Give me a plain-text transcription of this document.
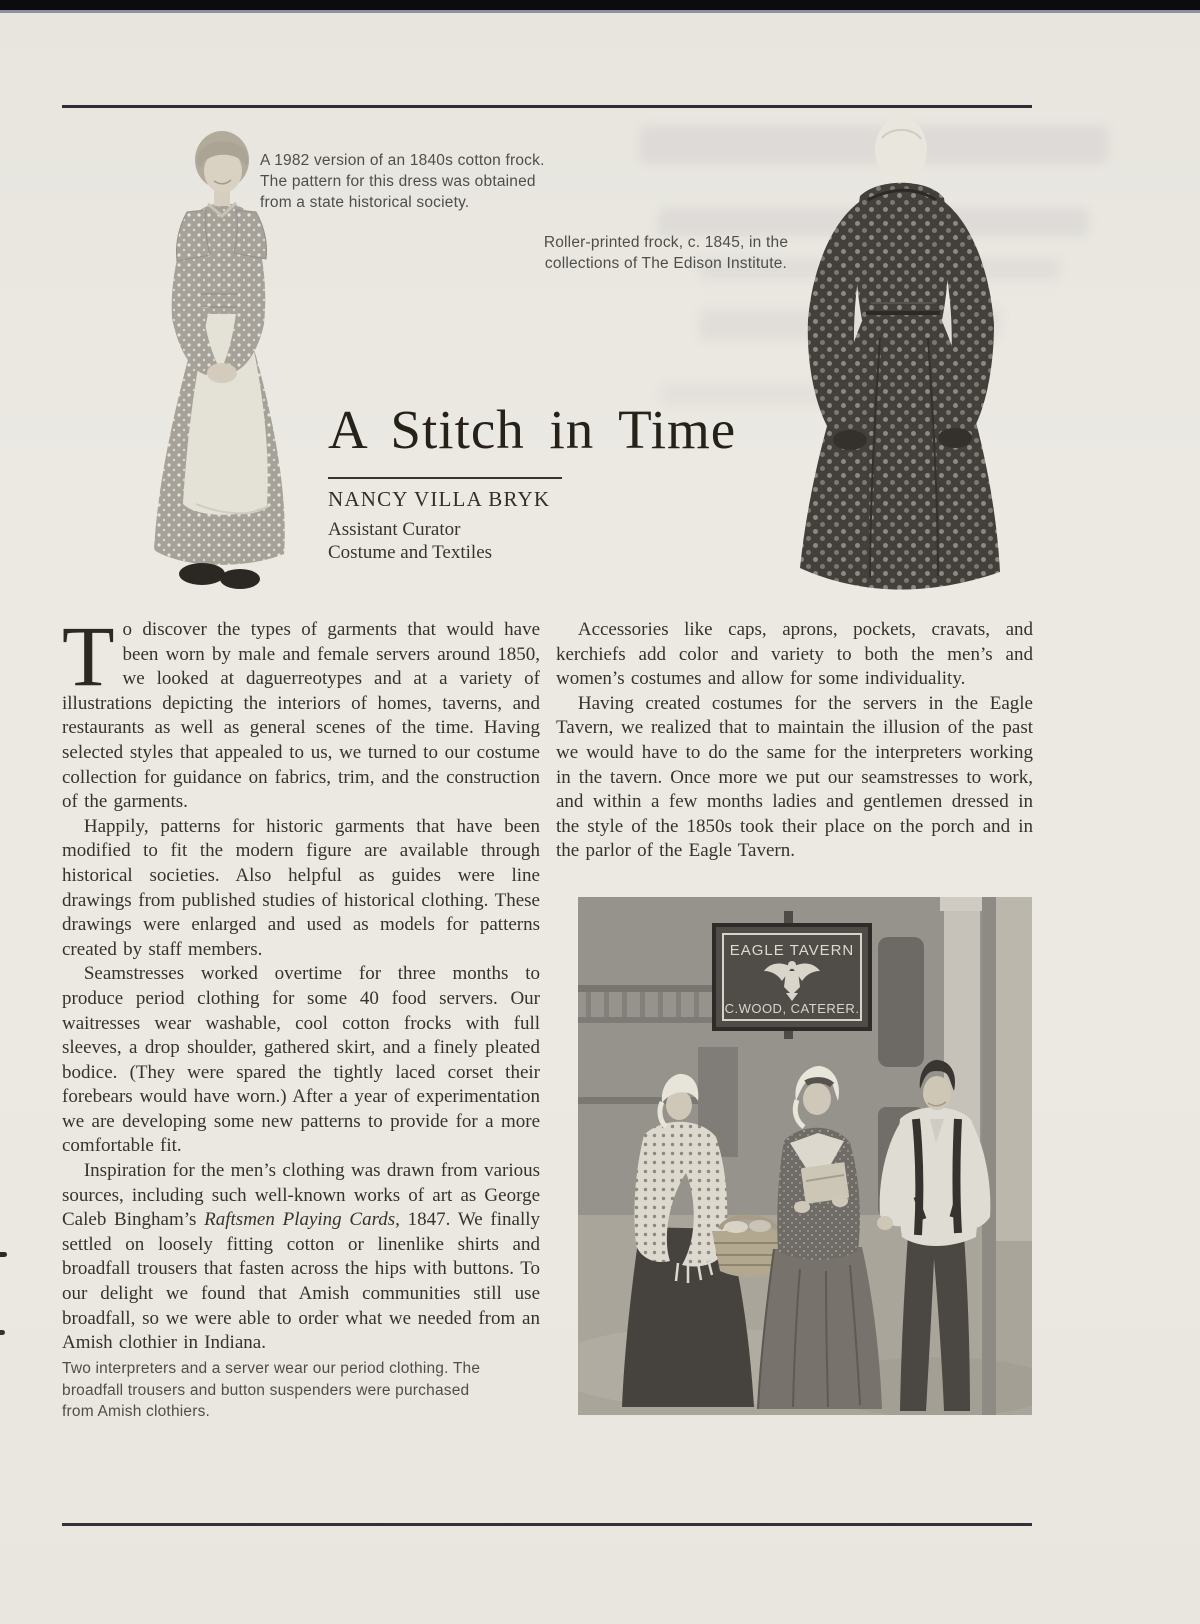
A 1982 version of an 1840s cotton frock. The pattern for this dress was obtained from a state historical society.
Roller-printed frock, c. 1845, in the collections of The Edison Institute.
A Stitch in Time
NANCY VILLA BRYK
Assistant Curator
Costume and Textiles

To discover the types of garments that would have been worn by male and female servers around 1850, we looked at daguerreotypes and at a variety of illustrations depicting the interiors of homes, taverns, and restaurants as well as general scenes of the time. Having selected styles that appealed to us, we turned to our costume collection for guidance on fabrics, trim, and the construction of the garments.

Happily, patterns for historic garments that have been modified to fit the modern figure are available through historical societies. Also helpful as guides were line drawings from published studies of historical clothing. These drawings were enlarged and used as models for patterns created by staff members.

Seamstresses worked overtime for three months to produce period clothing for some 40 food servers. Our waitresses wear washable, cool cotton frocks with full sleeves, a drop shoulder, gathered skirt, and a finely pleated bodice. (They were spared the tightly laced corset their forebears would have worn.) After a year of experimentation we are developing some new patterns to provide for a more comfortable fit.

Inspiration for the men’s clothing was drawn from various sources, including such well-known works of art as George Caleb Bingham’s Raftsmen Playing Cards, 1847. We finally settled on loosely fitting cotton or linenlike shirts and broadfall trousers that fasten across the hips with buttons. To our delight we found that Amish communities still use broadfall, so we were able to order what we needed from an Amish clothier in Indiana.

Accessories like caps, aprons, pockets, cravats, and kerchiefs add color and variety to both the men’s and women’s costumes and allow for some individuality.

Having created costumes for the servers in the Eagle Tavern, we realized that to maintain the illusion of the past we would have to do the same for the interpreters working in the tavern. Once more we put our seamstresses to work, and within a few months ladies and gentlemen dressed in the style of the 1850s took their place on the porch and in the parlor of the Eagle Tavern.

Two interpreters and a server wear our period clothing. The broadfall trousers and button suspenders were purchased from Amish clothiers.
EAGLE TAVERN
C.WOOD, CATERER.
